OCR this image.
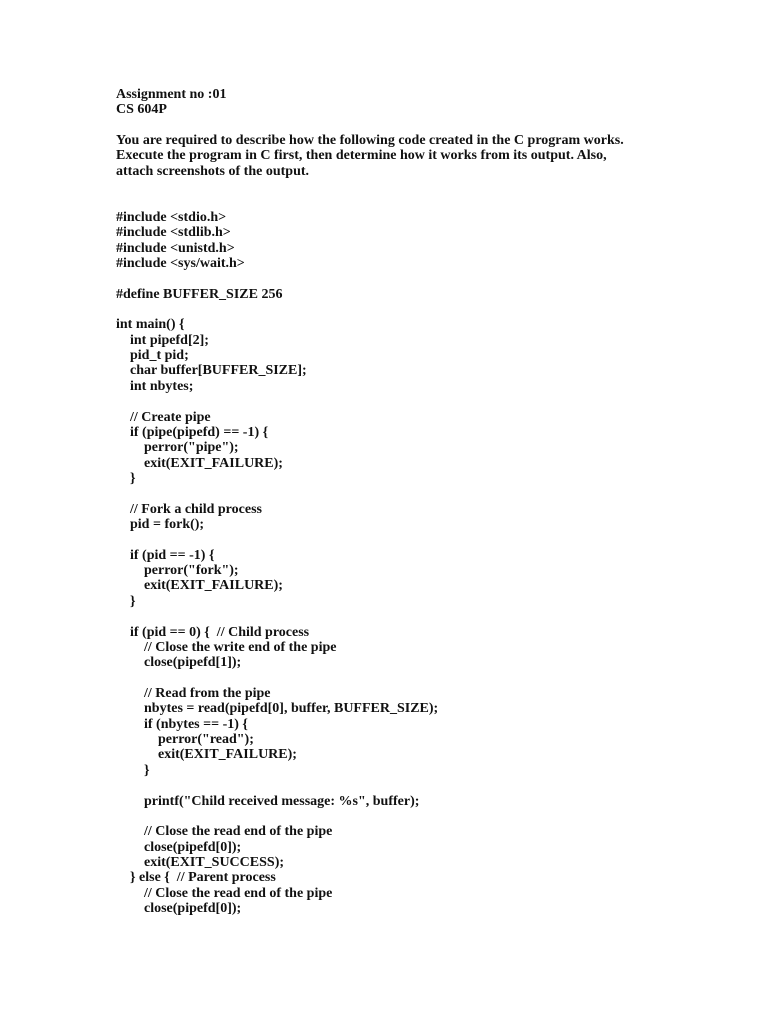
Assignment no :01
CS 604P
You are required to describe how the following code created in the C program works.
Execute the program in C first, then determine how it works from its output. Also,
attach screenshots of the output.
#include <stdio.h>
#include <stdlib.h>
#include <unistd.h>
#include <sys/wait.h>
#define BUFFER_SIZE 256
int main() {
int pipefd[2];
pid_t pid;
char buffer[BUFFER_SIZE];
int nbytes;
// Create pipe
if (pipe(pipefd) == -1) {
perror("pipe");
exit(EXIT_FAILURE);
}
// Fork a child process
pid = fork();
if (pid == -1) {
perror("fork");
exit(EXIT_FAILURE);
}
if (pid == 0) {  // Child process
// Close the write end of the pipe
close(pipefd[1]);
// Read from the pipe
nbytes = read(pipefd[0], buffer, BUFFER_SIZE);
if (nbytes == -1) {
perror("read");
exit(EXIT_FAILURE);
}
printf("Child received message: %s", buffer);
// Close the read end of the pipe
close(pipefd[0]);
exit(EXIT_SUCCESS);
} else {  // Parent process
// Close the read end of the pipe
close(pipefd[0]);
